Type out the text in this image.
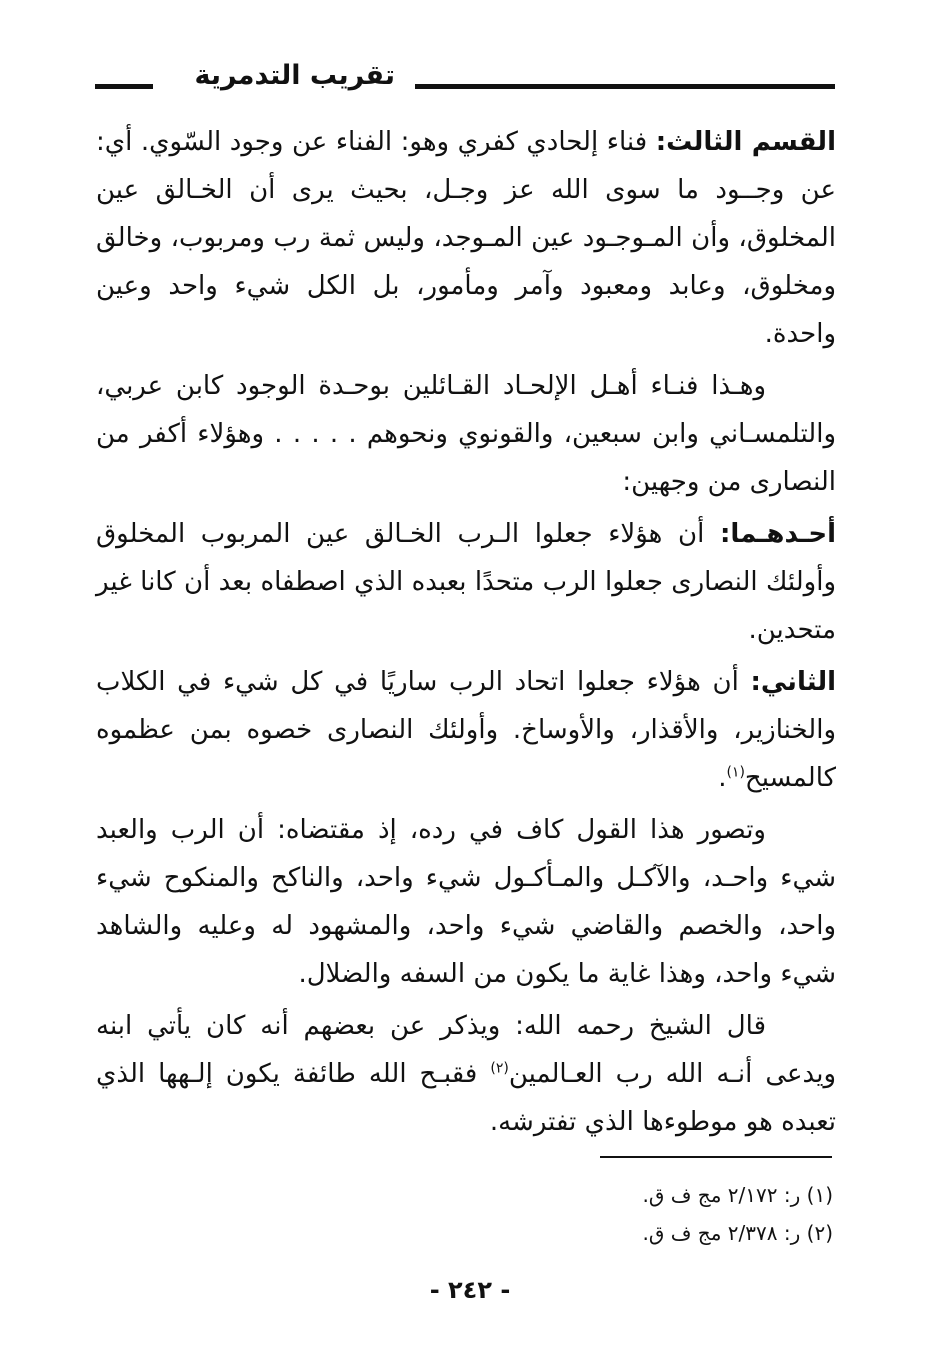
تقريب التدمرية

القسم الثالث: فناء إلحادي كفري وهو: الفناء عن وجود السّوي. أي: عن وجــود ما سوى الله عز وجـل، بحيث يرى أن الخـالق عين المخلوق، وأن المـوجـود عين المـوجد، وليس ثمة رب ومربوب، وخالق ومخلوق، وعابد ومعبود وآمر ومأمور، بل الكل شيء واحد وعين واحدة.

وهـذا فنـاء أهـل الإلحـاد القـائلين بوحـدة الوجود كابن عربي، والتلمسـاني وابن سبعين، والقونوي ونحوهم . . . . . وهؤلاء أكفر من النصارى من وجهين:

أحـدهـما: أن هؤلاء جعلوا الـرب الخـالق عين المربوب المخلوق وأولئك النصارى جعلوا الرب متحدًا بعبده الذي اصطفاه بعد أن كانا غير متحدين.

الثاني: أن هؤلاء جعلوا اتحاد الرب ساريًا في كل شيء في الكلاب والخنازير، والأقذار، والأوساخ. وأولئك النصارى خصوه بمن عظموه كالمسيح$^{(١)}$.

وتصور هذا القول كاف في رده، إذ مقتضاه: أن الرب والعبد شيء واحـد، والآكـل والمـأكـول شيء واحد، والناكح والمنكوح شيء واحد، والخصم والقاضي شيء واحد، والمشهود له وعليه والشاهد شيء واحد، وهذا غاية ما يكون من السفه والضلال.

قال الشيخ رحمه الله: ويذكر عن بعضهم أنه كان يأتي ابنه ويدعى أنـه الله رب العـالمين$^{(٢)}$ فقبـح الله طائفة يكون إلـهها الذي تعبده هو موطوءها الذي تفترشه.

(١) ر: ٢/١٧٢ مج ف ق.
(٢) ر: ٢/٣٧٨ مج ف ق.
- ٢٤٢ -
